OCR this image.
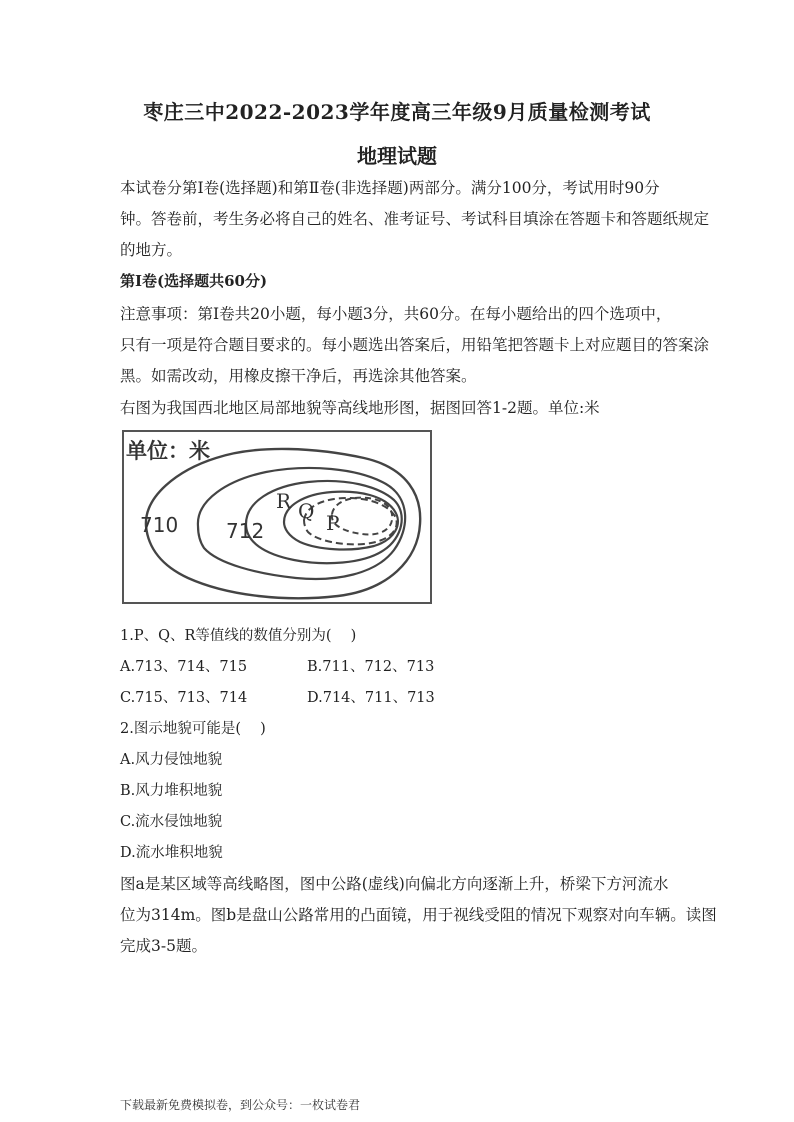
枣庄三中2022-2023学年度高三年级9月质量检测考试
地理试题
本试卷分第Ⅰ卷(选择题)和第Ⅱ卷(非选择题)两部分。满分100分，考试用时90分
钟。答卷前，考生务必将自己的姓名、准考证号、考试科目填涂在答题卡和答题纸规定
的地方。
第Ⅰ卷(选择题共60分)
注意事项：第Ⅰ卷共20小题，每小题3分，共60分。在每小题给出的四个选项中，
只有一项是符合题目要求的。每小题选出答案后，用铅笔把答题卡上对应题目的答案涂
黑。如需改动，用橡皮擦干净后，再选涂其他答案。
右图为我国西北地区局部地貌等高线地形图，据图回答1-2题。单位:米
单位：米
710 712
R Q P
1.P、Q、R等值线的数值分别为(　 )
A.713、714、715	B.711、712、713
C.715、713、714	D.714、711、713
2.图示地貌可能是(　 )
A.风力侵蚀地貌
B.风力堆积地貌
C.流水侵蚀地貌
D.流水堆积地貌
图a是某区域等高线略图，图中公路(虚线)向偏北方向逐渐上升，桥梁下方河流水
位为314m。图b是盘山公路常用的凸面镜，用于视线受阻的情况下观察对向车辆。读图
完成3-5题。
下载最新免费模拟卷，到公众号：一枚试卷君
